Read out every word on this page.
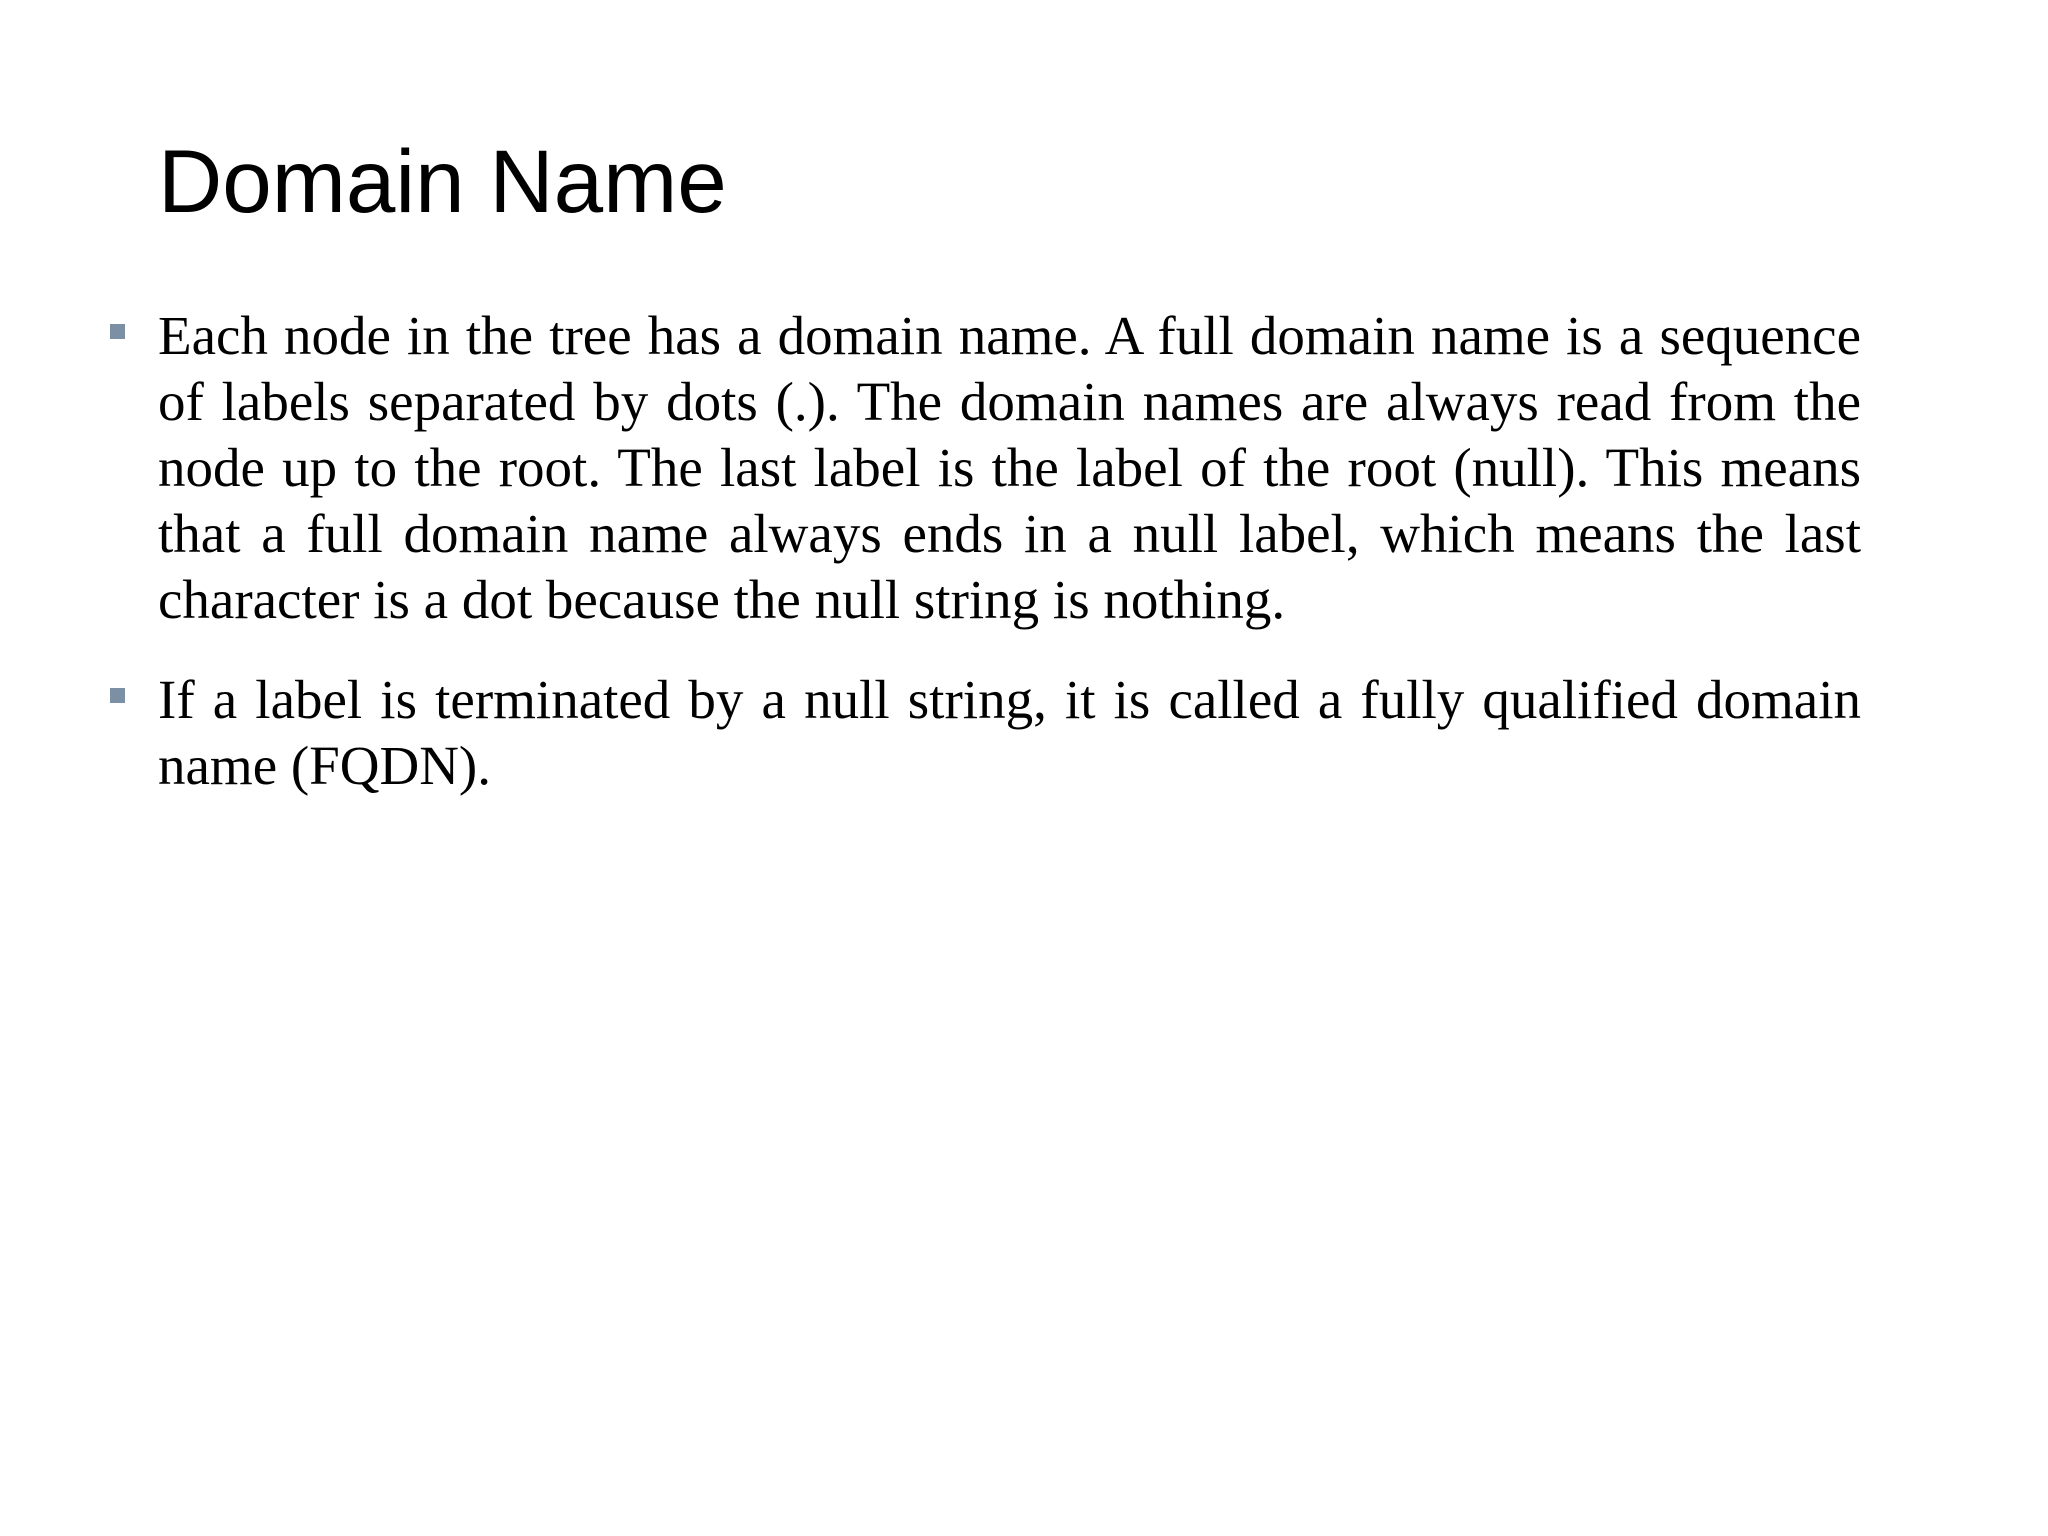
Domain Name
Each node in the tree has a domain name. A full domain name is a sequence of labels separated by dots (.). The domain names are always read from the node up to the root. The last label is the label of the root (null). This means that a full domain name always ends in a null label, which means the last character is a dot because the null string is nothing.
If a label is terminated by a null string, it is called a fully qualified domain name (FQDN).
